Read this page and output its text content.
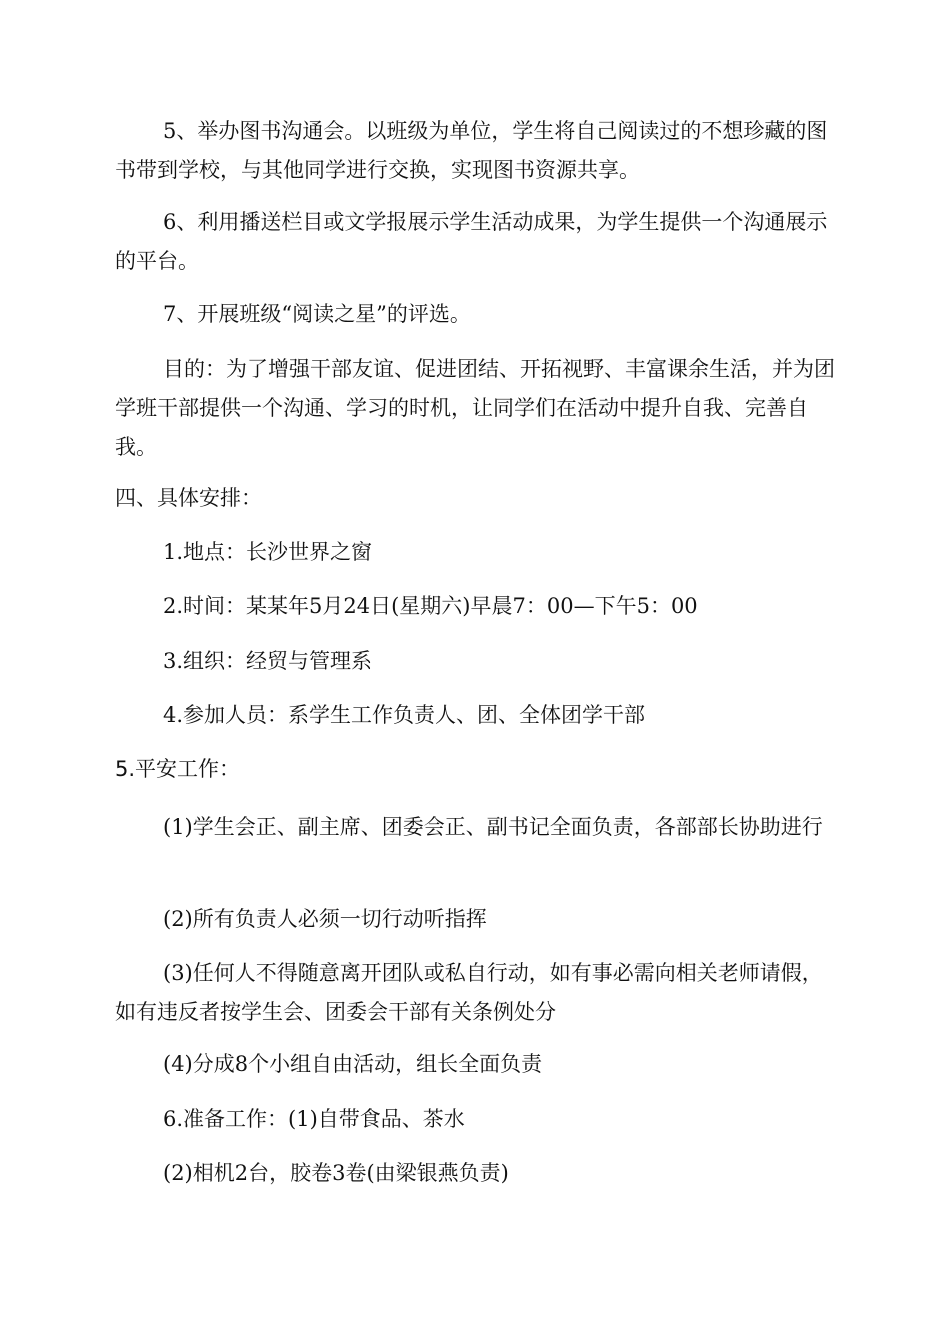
5、举办图书沟通会。以班级为单位，学生将自己阅读过的不想珍藏的图书带到学校，与其他同学进行交换，实现图书资源共享。

6、利用播送栏目或文学报展示学生活动成果，为学生提供一个沟通展示的平台。

7、开展班级“阅读之星”的评选。

目的：为了增强干部友谊、促进团结、开拓视野、丰富课余生活，并为团学班干部提供一个沟通、学习的时机，让同学们在活动中提升自我、完善自我。

四、具体安排：

1.地点：长沙世界之窗

2.时间：某某年5月24日(星期六)早晨7：00—下午5：00

3.组织：经贸与管理系

4.参加人员：系学生工作负责人、团、全体团学干部

5.平安工作：

(1)学生会正、副主席、团委会正、副书记全面负责，各部部长协助进行

(2)所有负责人必须一切行动听指挥

(3)任何人不得随意离开团队或私自行动，如有事必需向相关老师请假，如有违反者按学生会、团委会干部有关条例处分

(4)分成8个小组自由活动，组长全面负责

6.准备工作：(1)自带食品、茶水

(2)相机2台，胶卷3卷(由梁银燕负责)
